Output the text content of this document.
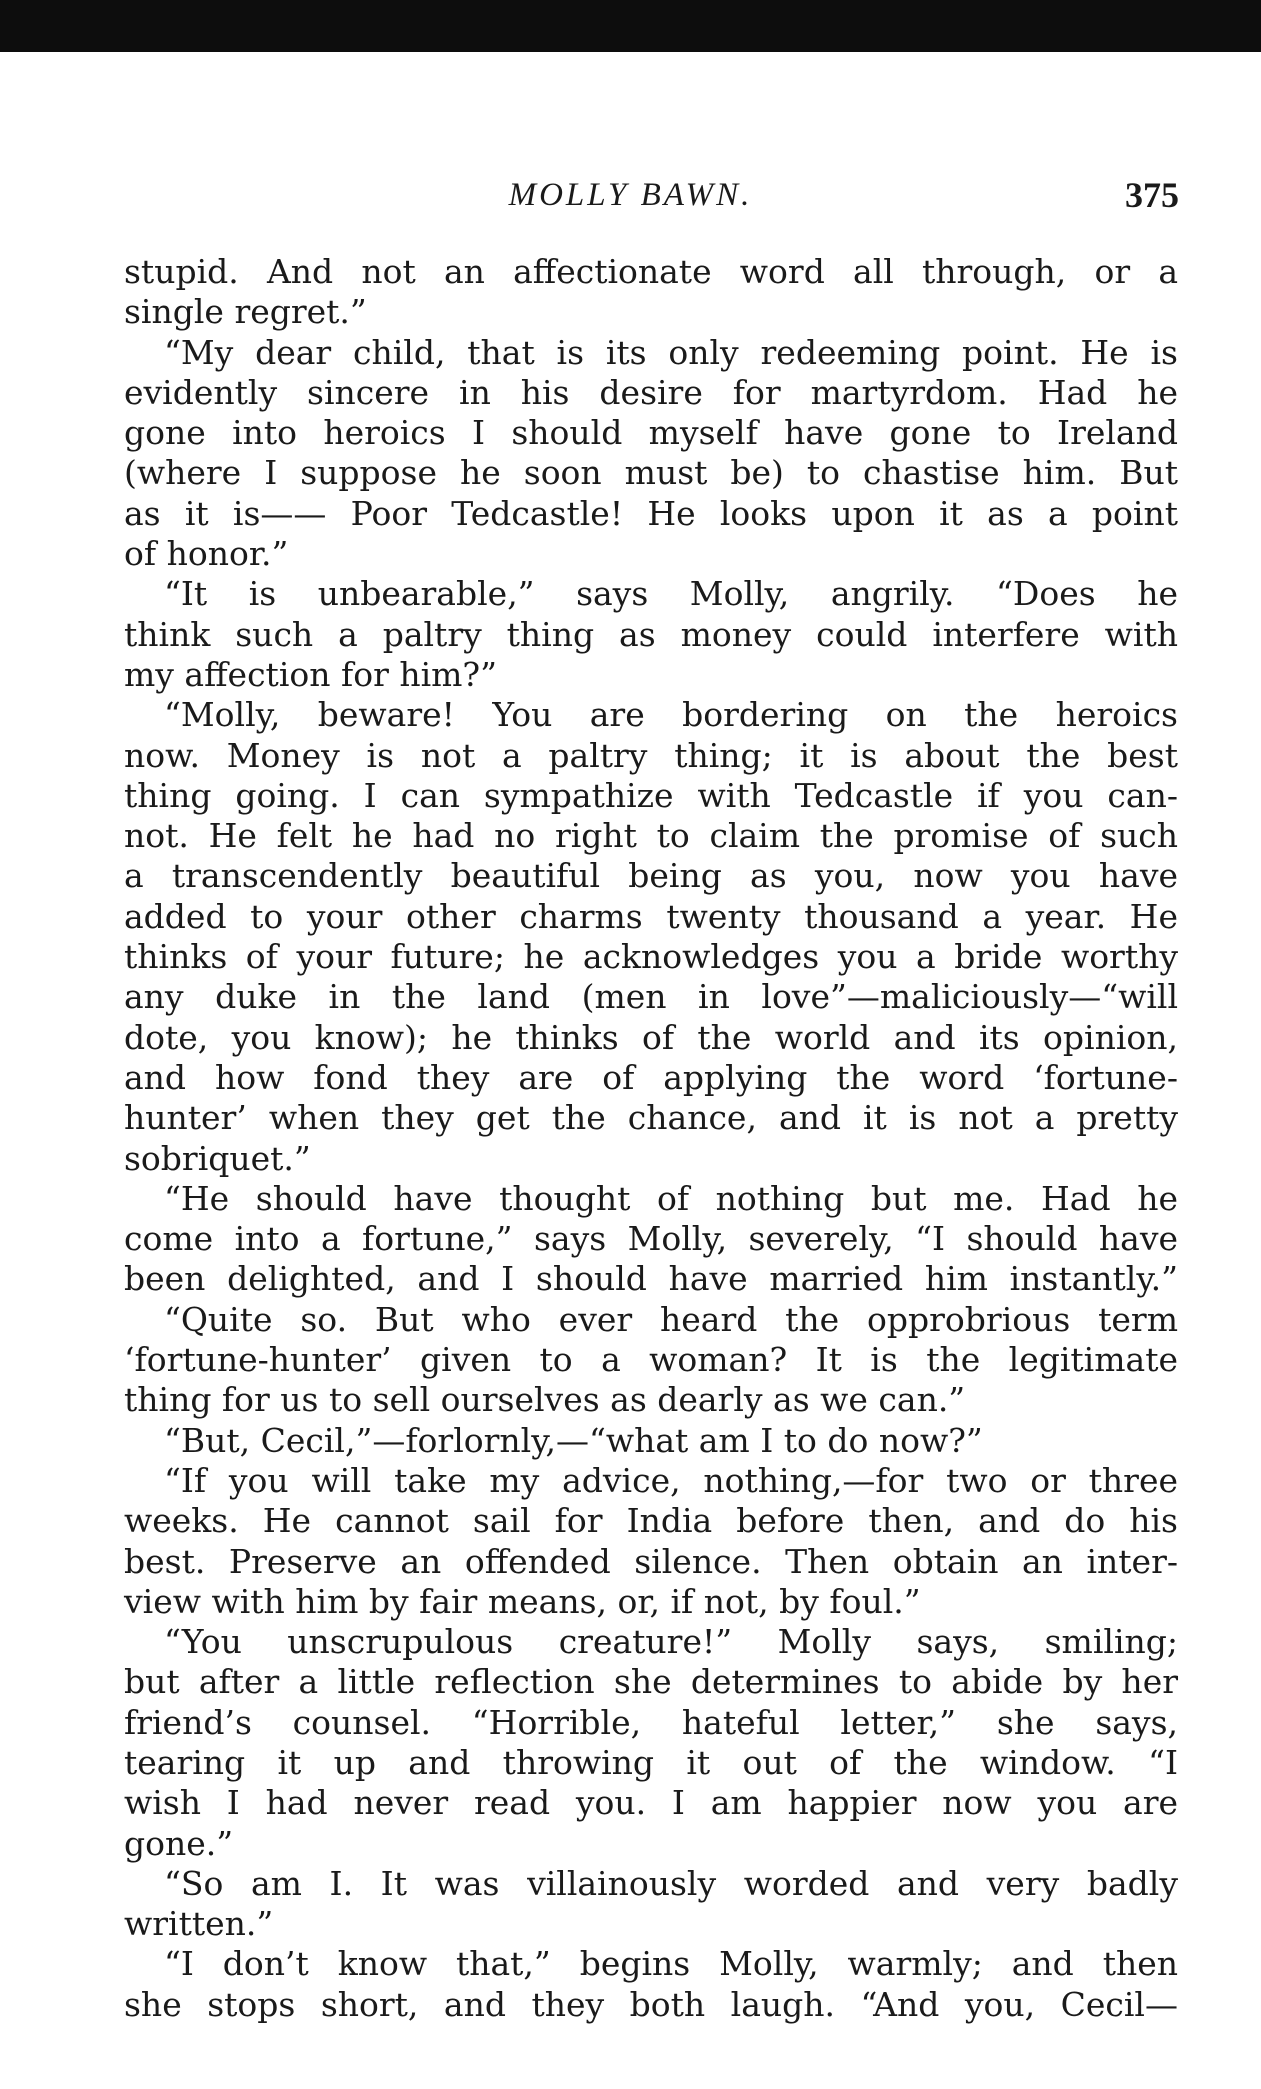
MOLLY BAWN.	375
stupid. And not an affectionate word all through, or a
single regret.”
“My dear child, that is its only redeeming point. He is
evidently sincere in his desire for martyrdom. Had he
gone into heroics I should myself have gone to Ireland
(where I suppose he soon must be) to chastise him. But
as it is—— Poor Tedcastle! He looks upon it as a point
of honor.”
“It is unbearable,” says Molly, angrily. “Does he
think such a paltry thing as money could interfere with
my affection for him?”
“Molly, beware! You are bordering on the heroics
now. Money is not a paltry thing; it is about the best
thing going. I can sympathize with Tedcastle if you can-
not. He felt he had no right to claim the promise of such
a transcendently beautiful being as you, now you have
added to your other charms twenty thousand a year. He
thinks of your future; he acknowledges you a bride worthy
any duke in the land (men in love”—maliciously—“will
dote, you know); he thinks of the world and its opinion,
and how fond they are of applying the word ‘fortune-
hunter’ when they get the chance, and it is not a pretty
sobriquet.”
“He should have thought of nothing but me. Had he
come into a fortune,” says Molly, severely, “I should have
been delighted, and I should have married him instantly.”
“Quite so. But who ever heard the opprobrious term
‘fortune-hunter’ given to a woman? It is the legitimate
thing for us to sell ourselves as dearly as we can.”
“But, Cecil,”—forlornly,—“what am I to do now?”
“If you will take my advice, nothing,—for two or three
weeks. He cannot sail for India before then, and do his
best. Preserve an offended silence. Then obtain an inter-
view with him by fair means, or, if not, by foul.”
“You unscrupulous creature!” Molly says, smiling;
but after a little reflection she determines to abide by her
friend’s counsel. “Horrible, hateful letter,” she says,
tearing it up and throwing it out of the window. “I
wish I had never read you. I am happier now you are
gone.”
“So am I. It was villainously worded and very badly
written.”
“I don’t know that,” begins Molly, warmly; and then
she stops short, and they both laugh. “And you, Cecil—
